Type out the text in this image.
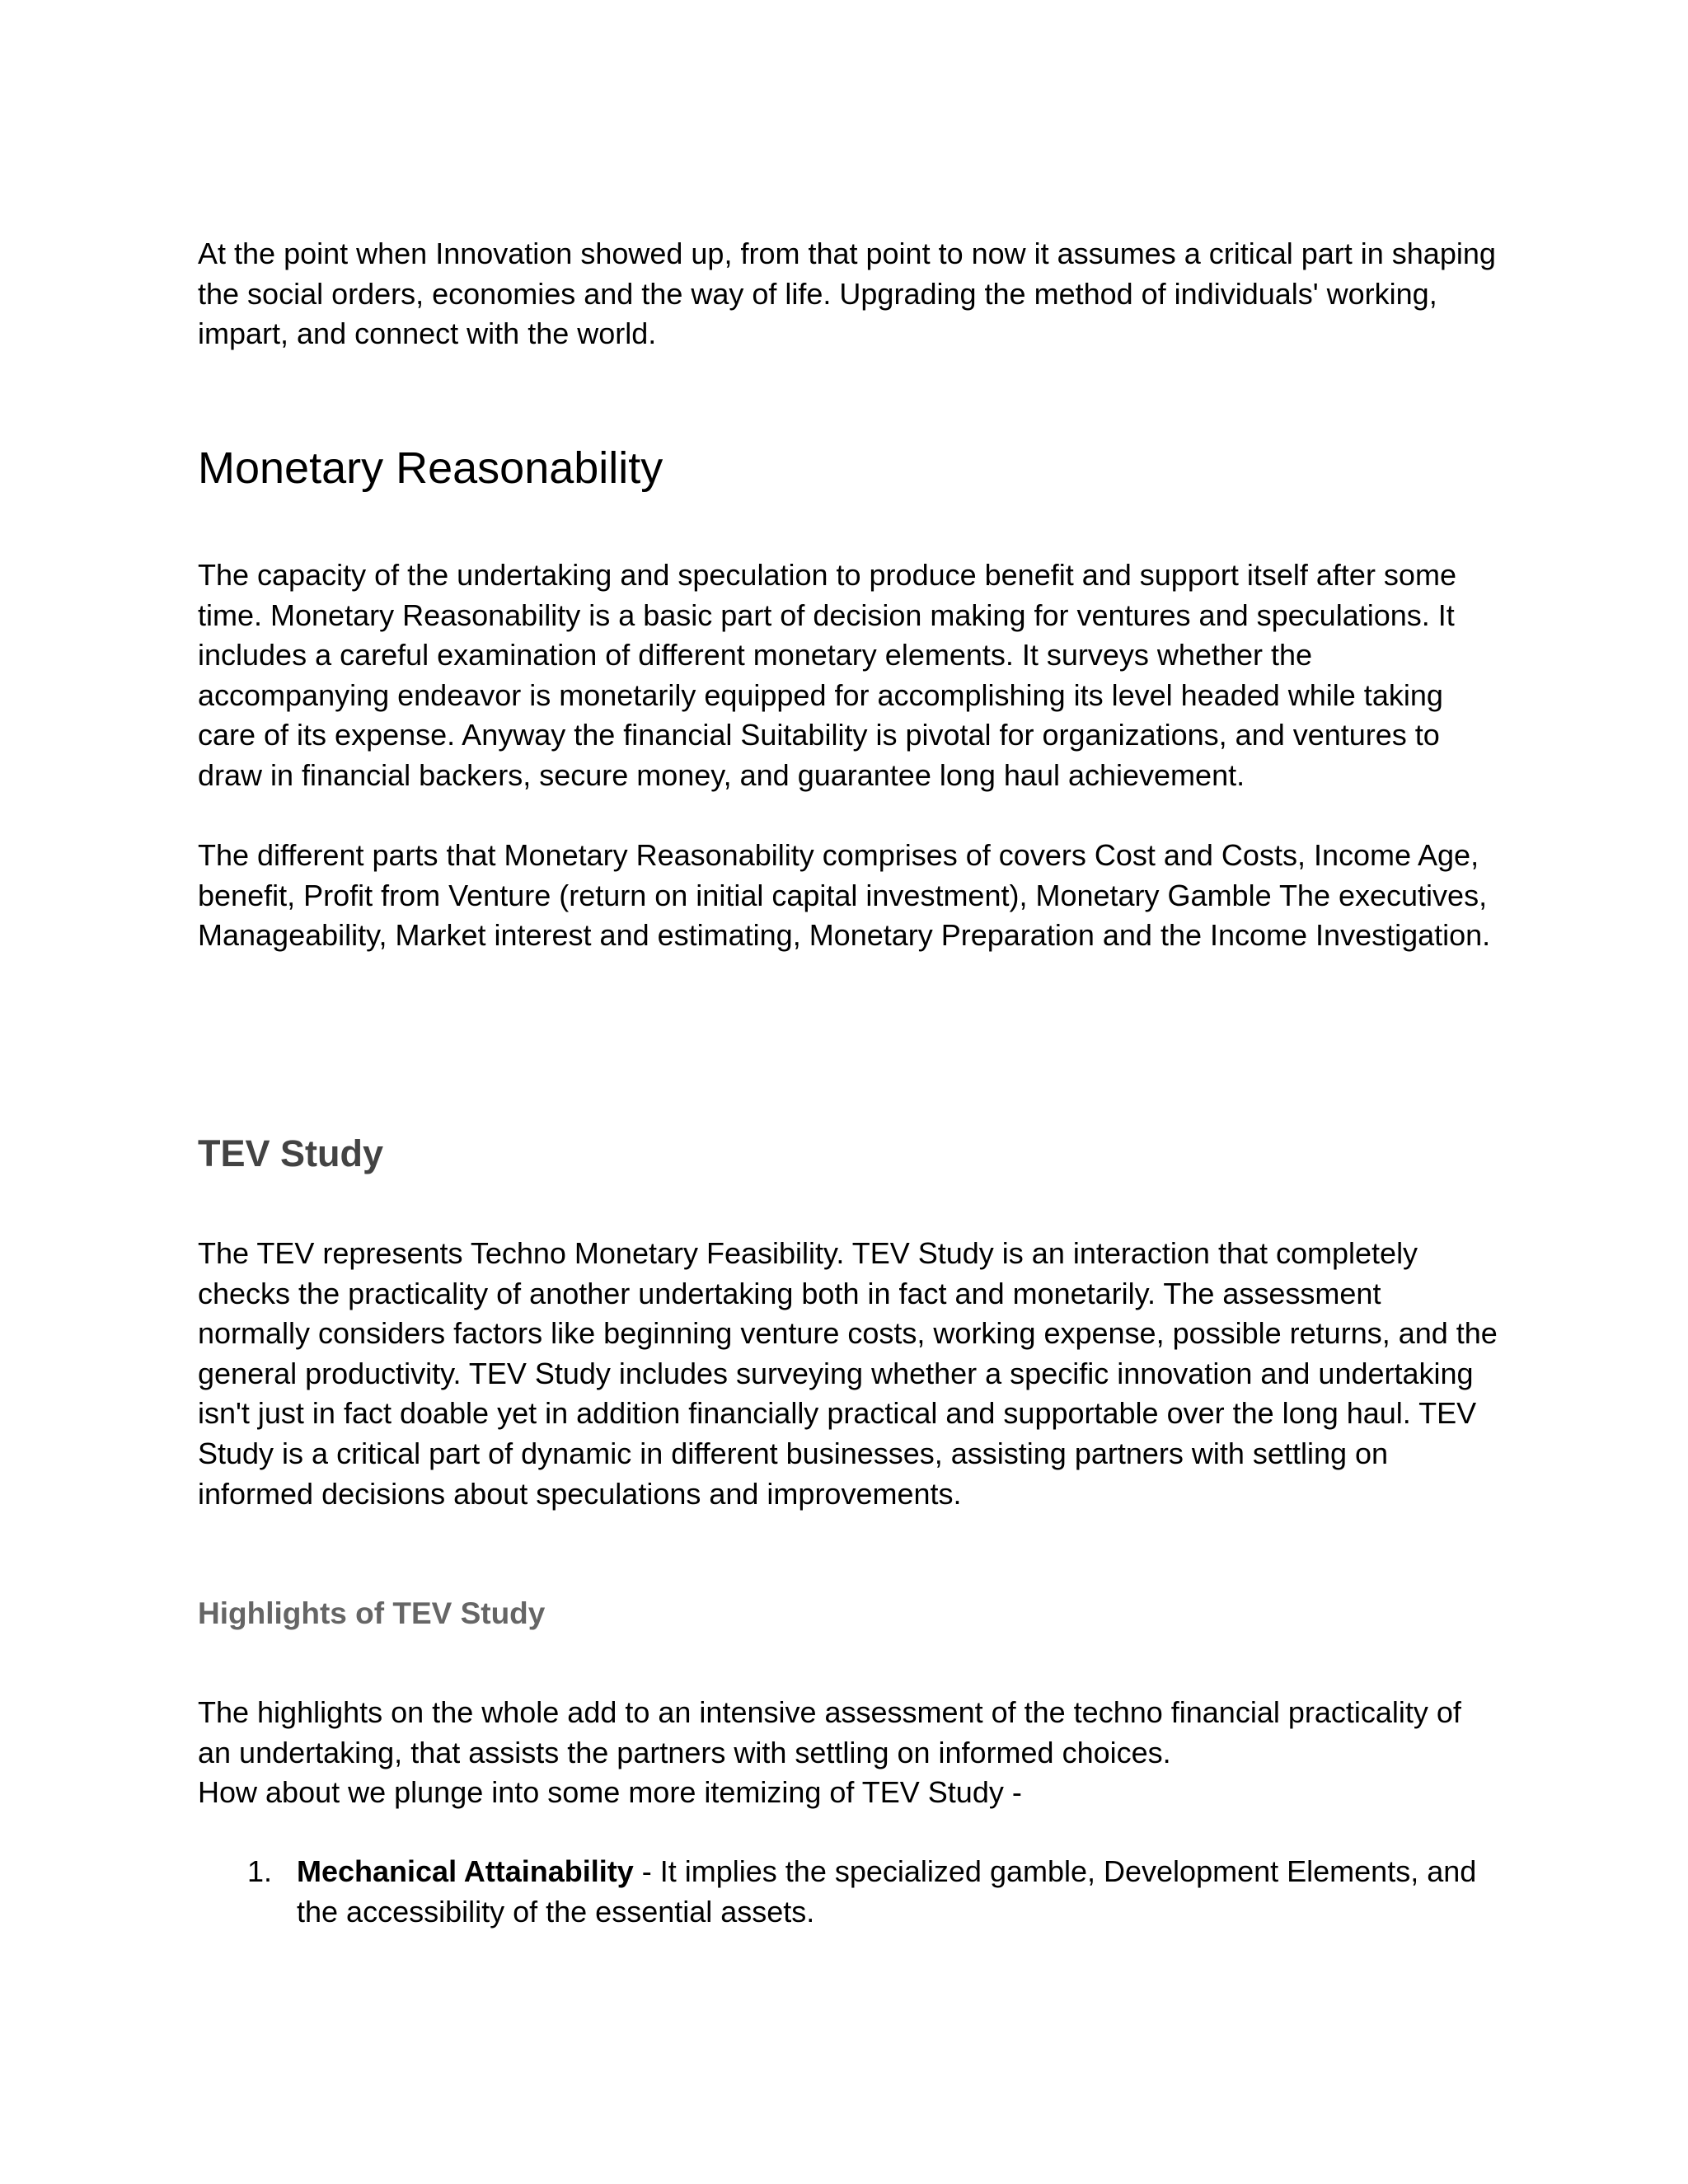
At the point when Innovation showed up, from that point to now it assumes a critical part in shaping the social orders, economies and the way of life. Upgrading the method of individuals' working, impart, and connect with the world.

Monetary Reasonability

The capacity of the undertaking and speculation to produce benefit and support itself after some time. Monetary Reasonability is a basic part of decision making for ventures and speculations. It includes a careful examination of different monetary elements. It surveys whether the accompanying endeavor is monetarily equipped for accomplishing its level headed while taking care of its expense. Anyway the financial Suitability is pivotal for organizations, and ventures to draw in financial backers, secure money, and guarantee long haul achievement.

The different parts that Monetary Reasonability comprises of covers Cost and Costs, Income Age, benefit, Profit from Venture (return on initial capital investment), Monetary Gamble The executives, Manageability, Market interest and estimating, Monetary Preparation and the Income Investigation.

TEV Study

The TEV represents Techno Monetary Feasibility. TEV Study is an interaction that completely checks the practicality of another undertaking both in fact and monetarily. The assessment normally considers factors like beginning venture costs, working expense, possible returns, and the general productivity. TEV Study includes surveying whether a specific innovation and undertaking isn't just in fact doable yet in addition financially practical and supportable over the long haul. TEV Study is a critical part of dynamic in different businesses, assisting partners with settling on informed decisions about speculations and improvements.

Highlights of TEV Study
The highlights on the whole add to an intensive assessment of the techno financial practicality of an undertaking, that assists the partners with settling on informed choices.
How about we plunge into some more itemizing of TEV Study -
1. Mechanical Attainability - It implies the specialized gamble, Development Elements, and the accessibility of the essential assets.
